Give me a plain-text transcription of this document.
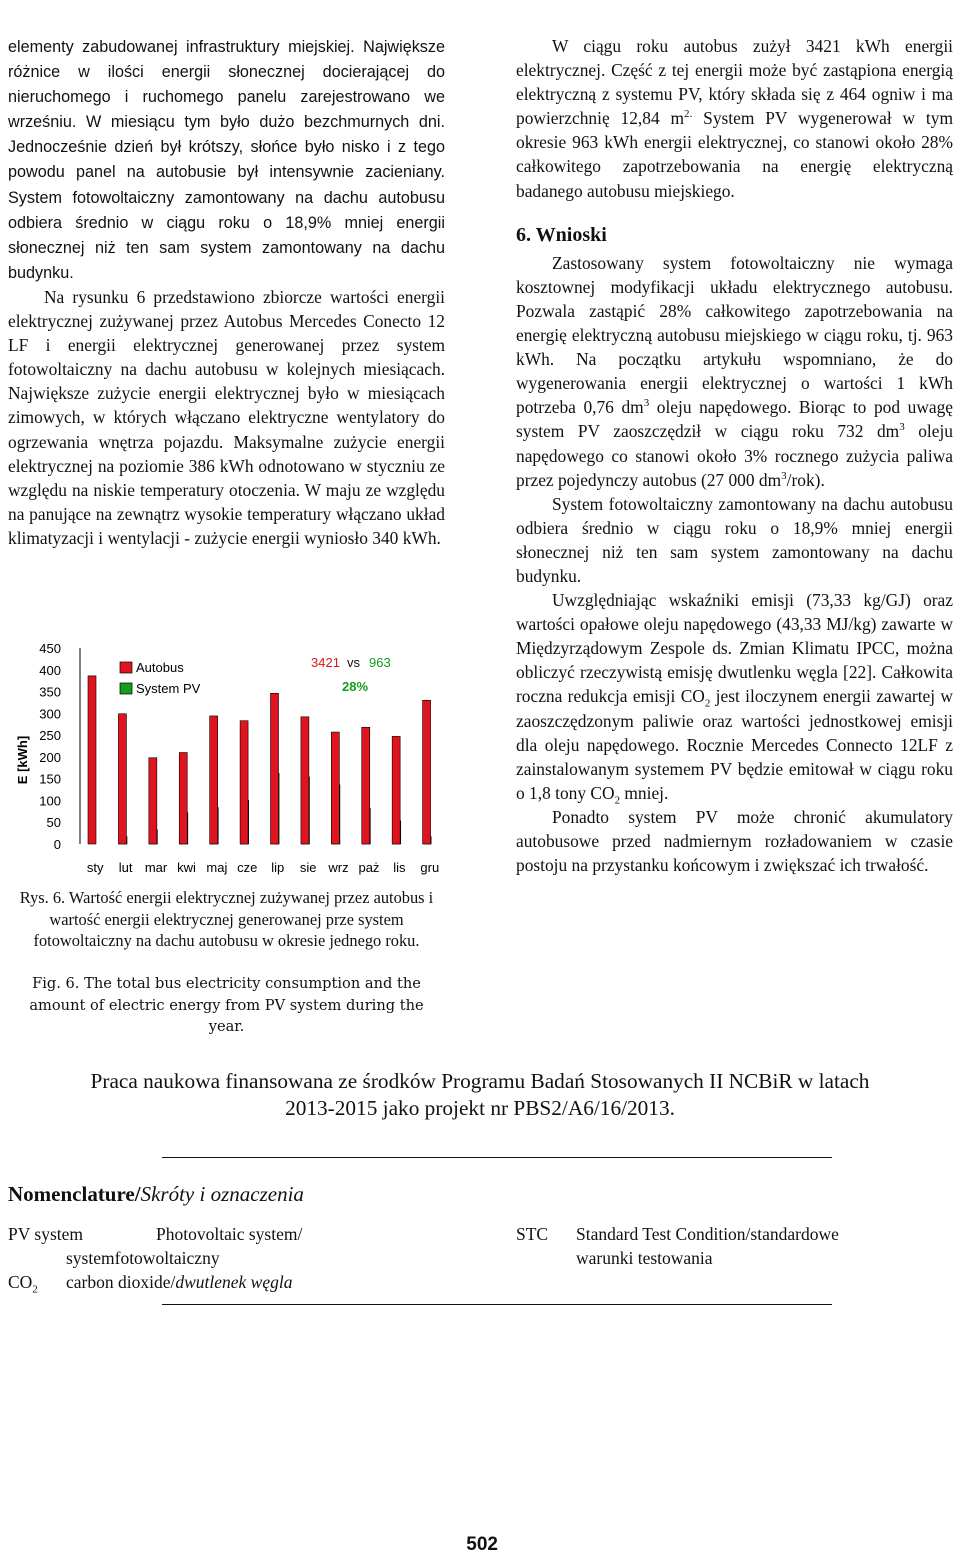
elementy zabudowanej infrastruktury miejskiej. Największe różnice w ilości energii słonecznej docierającej do nieruchomego i ruchomego panelu zarejestrowano we wrześniu. W miesiącu tym było dużo bezchmurnych dni. Jednocześnie dzień był krótszy, słońce było nisko i z tego powodu panel na autobusie był intensywnie zacieniany. System fotowoltaiczny zamontowany na dachu autobusu odbiera średnio w ciągu roku o 18,9% mniej energii słonecznej niż ten sam system zamontowany na dachu budynku.

Na rysunku 6 przedstawiono zbiorcze wartości energii elektrycznej zużywanej przez Autobus Mercedes Conecto 12 LF i energii elektrycznej generowanej przez system fotowoltaiczny na dachu autobusu w kolejnych miesiącach. Największe zużycie energii elektrycznej było w miesiącach zimowych, w których włączano elektryczne wentylatory do ogrzewania wnętrza pojazdu. Maksymalne zużycie energii elektrycznej na poziomie 386 kWh odnotowano w styczniu ze względu na niskie temperatury otoczenia. W maju ze względu na panujące na zewnątrz wysokie temperatury włączano układ klimatyzacji i wentylacji - zużycie energii wyniosło 340 kWh.

0
50
100
150
200
250
300
350
400
450
sty lut mar kwi maj cze lip sie wrz paż lis gru
Autobus
System PV
3421 vs 963
28%
E [kWh]
Rys. 6. Wartość energii elektrycznej zużywanej przez autobus i wartość energii elektrycznej generowanej prze system fotowoltaiczny na dachu autobusu w okresie jednego roku.
Fig. 6. The total bus electricity consumption and the amount of electric energy from PV system during the year.

W ciągu roku autobus zużył 3421 kWh energii elektrycznej. Część z tej energii może być zastąpiona energią elektryczną z systemu PV, który składa się z 464 ogniw i ma powierzchnię 12,84 $m^{2.}$ System PV wygenerował w tym okresie 963 kWh energii elektrycznej, co stanowi około 28% całkowitego zapotrzebowania na energię elektryczną badanego autobusu miejskiego.

6. Wnioski

Zastosowany system fotowoltaiczny nie wymaga kosztownej modyfikacji układu elektrycznego autobusu. Pozwala zastąpić 28% całkowitego zapotrzebowania na energię elektryczną autobusu miejskiego w ciągu roku, tj. 963 kWh. Na początku artykułu wspomniano, że do wygenerowania energii elektrycznej o wartości 1 kWh potrzeba 0,76 $dm^3$ oleju napędowego. Biorąc to pod uwagę system PV zaoszczędził w ciągu roku 732 $dm^3$ oleju napędowego co stanowi około 3% rocznego zużycia paliwa przez pojedynczy autobus (27 000 $dm^3/rok$).

System fotowoltaiczny zamontowany na dachu autobusu odbiera średnio w ciągu roku o 18,9% mniej energii słonecznej niż ten sam system zamontowany na dachu budynku.

Uwzględniając wskaźniki emisji (73,33 kg/GJ) oraz wartości opałowe oleju napędowego (43,33 MJ/kg) zawarte w Międzyrządowym Zespole ds. Zmian Klimatu IPCC, można obliczyć rzeczywistą emisję dwutlenku węgla [22]. Całkowita roczna redukcja emisji $CO_2$ jest iloczynem energii zawartej w zaoszczędzonym paliwie oraz wartości jednostkowej emisji dla oleju napędowego. Rocznie Mercedes Connecto 12LF z zainstalowanym systemem PV będzie emitował w ciągu roku o 1,8 tony $CO_2$ mniej.

Ponadto system PV może chronić akumulatory autobusowe przed nadmiernym rozładowaniem w czasie postoju na przystanku końcowym i zwiększać ich trwałość.

Praca naukowa finansowana ze środków Programu Badań Stosowanych II NCBiR w latach
2013-2015 jako projekt nr PBS2/A6/16/2013.
Nomenclature/Skróty i oznaczenia
PV system	Photovoltaic system/
systemfotowoltaiczny
$CO_2$ carbon dioxide/dwutlenek węgla
STC Standard Test Condition/standardowe
warunki testowania
502
